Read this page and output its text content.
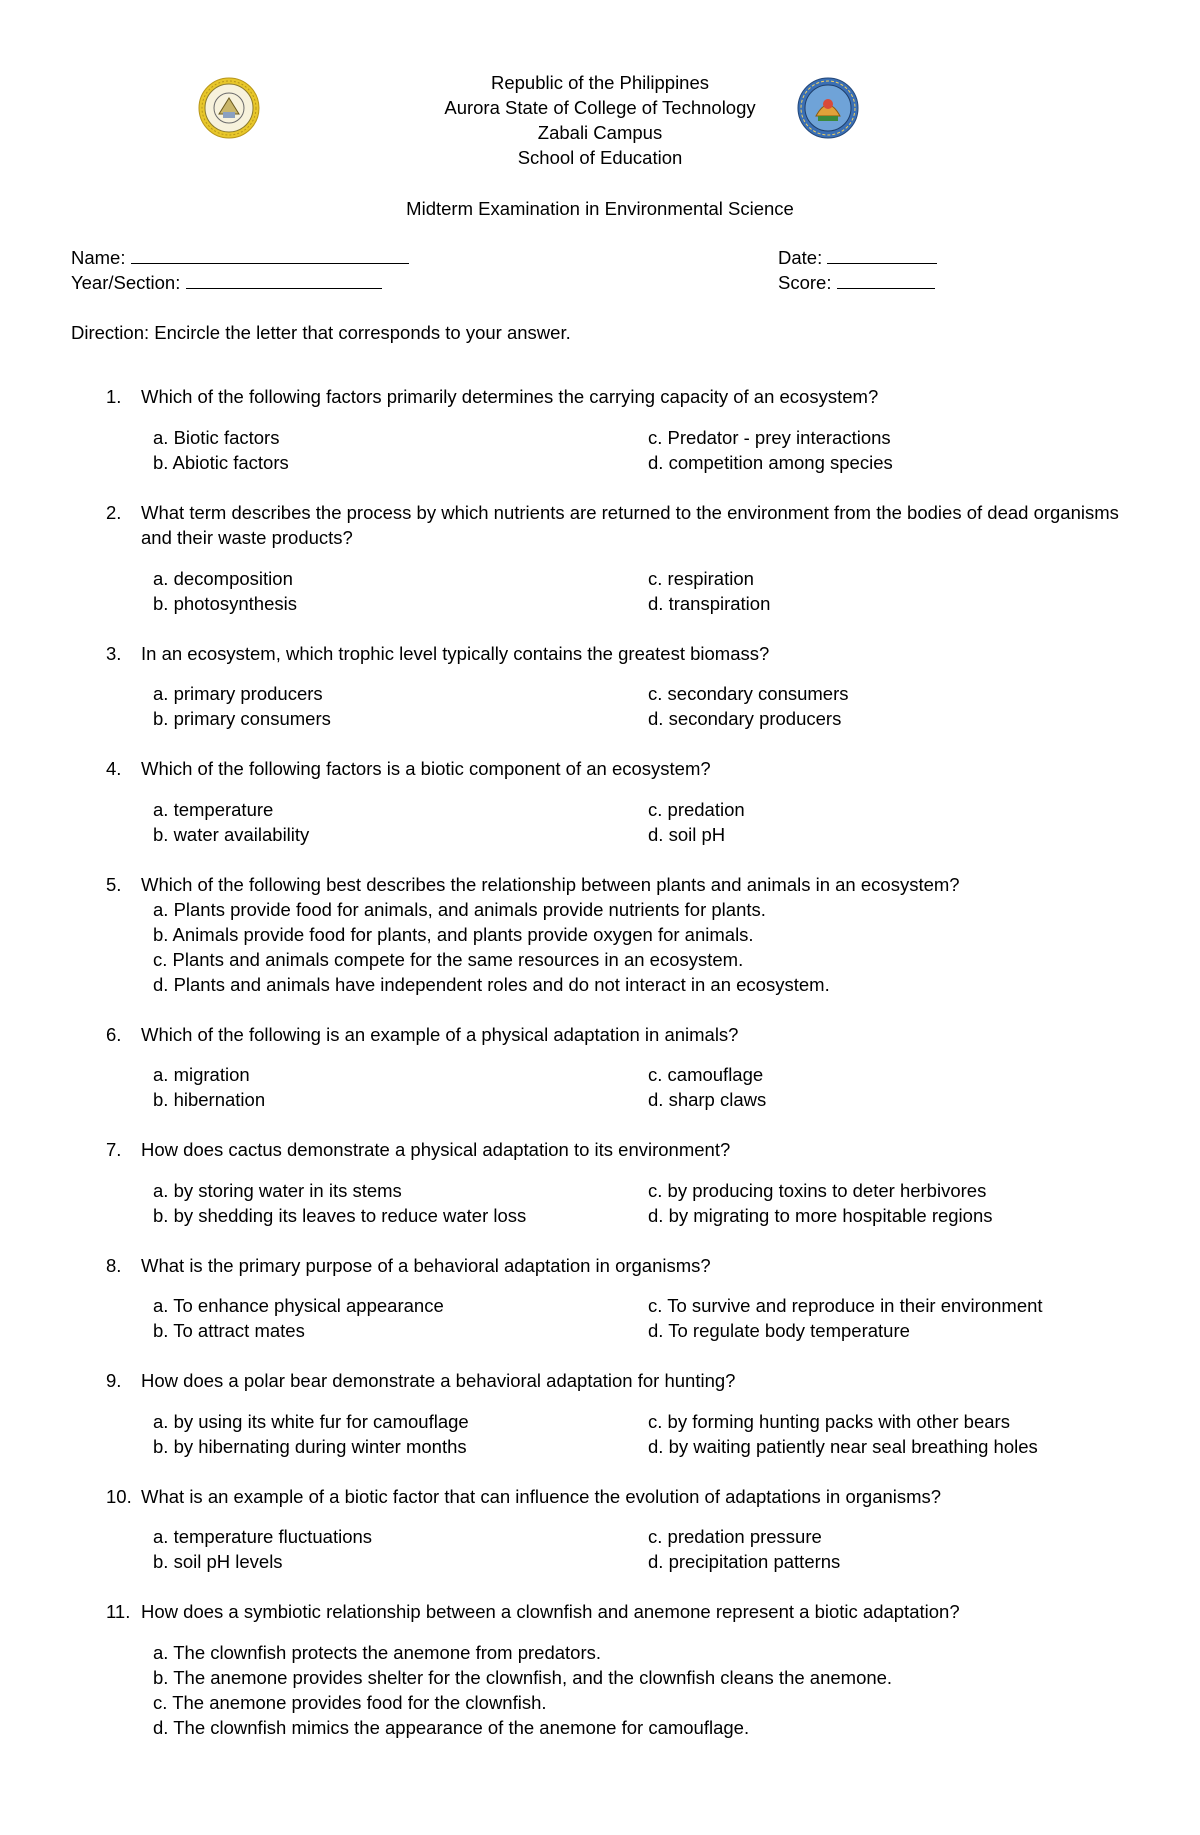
Republic of the Philippines
Aurora State of College of Technology
Zabali Campus
School of Education
Midterm Examination in Environmental Science
Name:
Year/Section:
Date:
Score:
Direction: Encircle the letter that corresponds to your answer.
1. Which of the following factors primarily determines the carrying capacity of an ecosystem?
a. Biotic factors
b. Abiotic factors
c. Predator - prey interactions
d. competition among species
2. What term describes the process by which nutrients are returned to the environment from the bodies of dead organisms and their waste products?
a. decomposition
b. photosynthesis
c. respiration
d. transpiration
3. In an ecosystem, which trophic level typically contains the greatest biomass?
a. primary producers
b. primary consumers
c. secondary consumers
d. secondary producers
4. Which of the following factors is a biotic component of an ecosystem?
a. temperature
b. water availability
c. predation
d. soil pH
5. Which of the following best describes the relationship between plants and animals in an ecosystem?
a. Plants provide food for animals, and animals provide nutrients for plants.
b. Animals provide food for plants, and plants provide oxygen for animals.
c. Plants and animals compete for the same resources in an ecosystem.
d. Plants and animals have independent roles and do not interact in an ecosystem.
6. Which of the following is an example of a physical adaptation in animals?
a. migration
b. hibernation
c. camouflage
d. sharp claws
7. How does cactus demonstrate a physical adaptation to its environment?
a. by storing water in its stems
b. by shedding its leaves to reduce water loss
c. by producing toxins to deter herbivores
d. by migrating to more hospitable regions
8. What is the primary purpose of a behavioral adaptation in organisms?
a. To enhance physical appearance
b. To attract mates
c. To survive and reproduce in their environment
d. To regulate body temperature
9. How does a polar bear demonstrate a behavioral adaptation for hunting?
a. by using its white fur for camouflage
b. by hibernating during winter months
c. by forming hunting packs with other bears
d. by waiting patiently near seal breathing holes
10. What is an example of a biotic factor that can influence the evolution of adaptations in organisms?
a. temperature fluctuations
b. soil pH levels
c. predation pressure
d. precipitation patterns
11. How does a symbiotic relationship between a clownfish and anemone represent a biotic adaptation?
a. The clownfish protects the anemone from predators.
b. The anemone provides shelter for the clownfish, and the clownfish cleans the anemone.
c. The anemone provides food for the clownfish.
d. The clownfish mimics the appearance of the anemone for camouflage.
